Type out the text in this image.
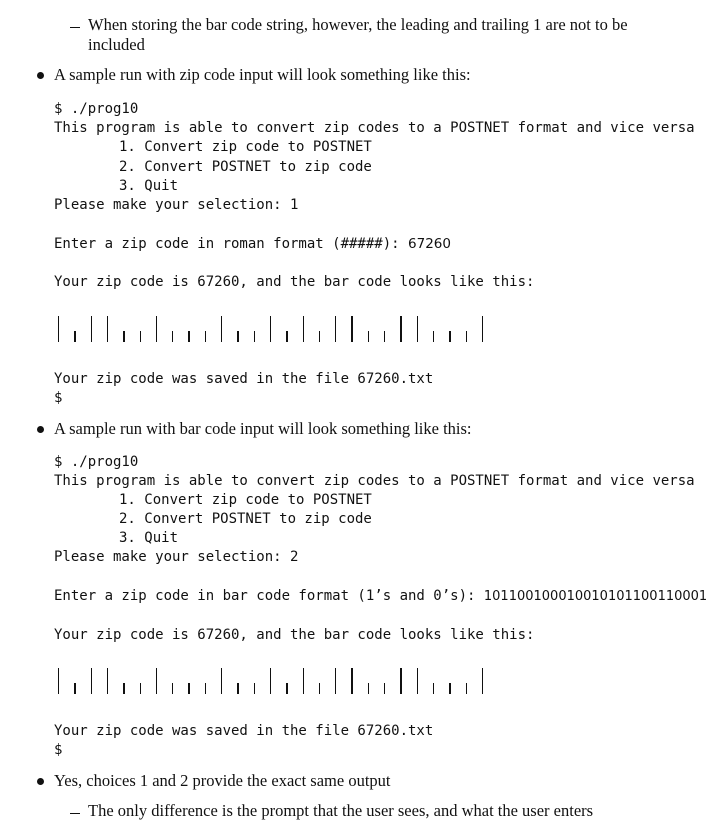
When storing the bar code string, however, the leading and trailing 1 are not to be
included
A sample run with zip code input will look something like this:
$ ./prog10
This program is able to convert zip codes to a POSTNET format and vice versa
1. Convert zip code to POSTNET
2. Convert POSTNET to zip code
3. Quit
Please make your selection: 1
Enter a zip code in roman format (#####): 67260
Your zip code is 67260, and the bar code looks like this:
Your zip code was saved in the file 67260.txt
$
A sample run with bar code input will look something like this:
$ ./prog10
This program is able to convert zip codes to a POSTNET format and vice versa
1. Convert zip code to POSTNET
2. Convert POSTNET to zip code
3. Quit
Please make your selection: 2
Enter a zip code in bar code format (1’s and 0’s): 101100100010010101100110001
Your zip code is 67260, and the bar code looks like this:
Your zip code was saved in the file 67260.txt
$
Yes, choices 1 and 2 provide the exact same output
The only difference is the prompt that the user sees, and what the user enters
